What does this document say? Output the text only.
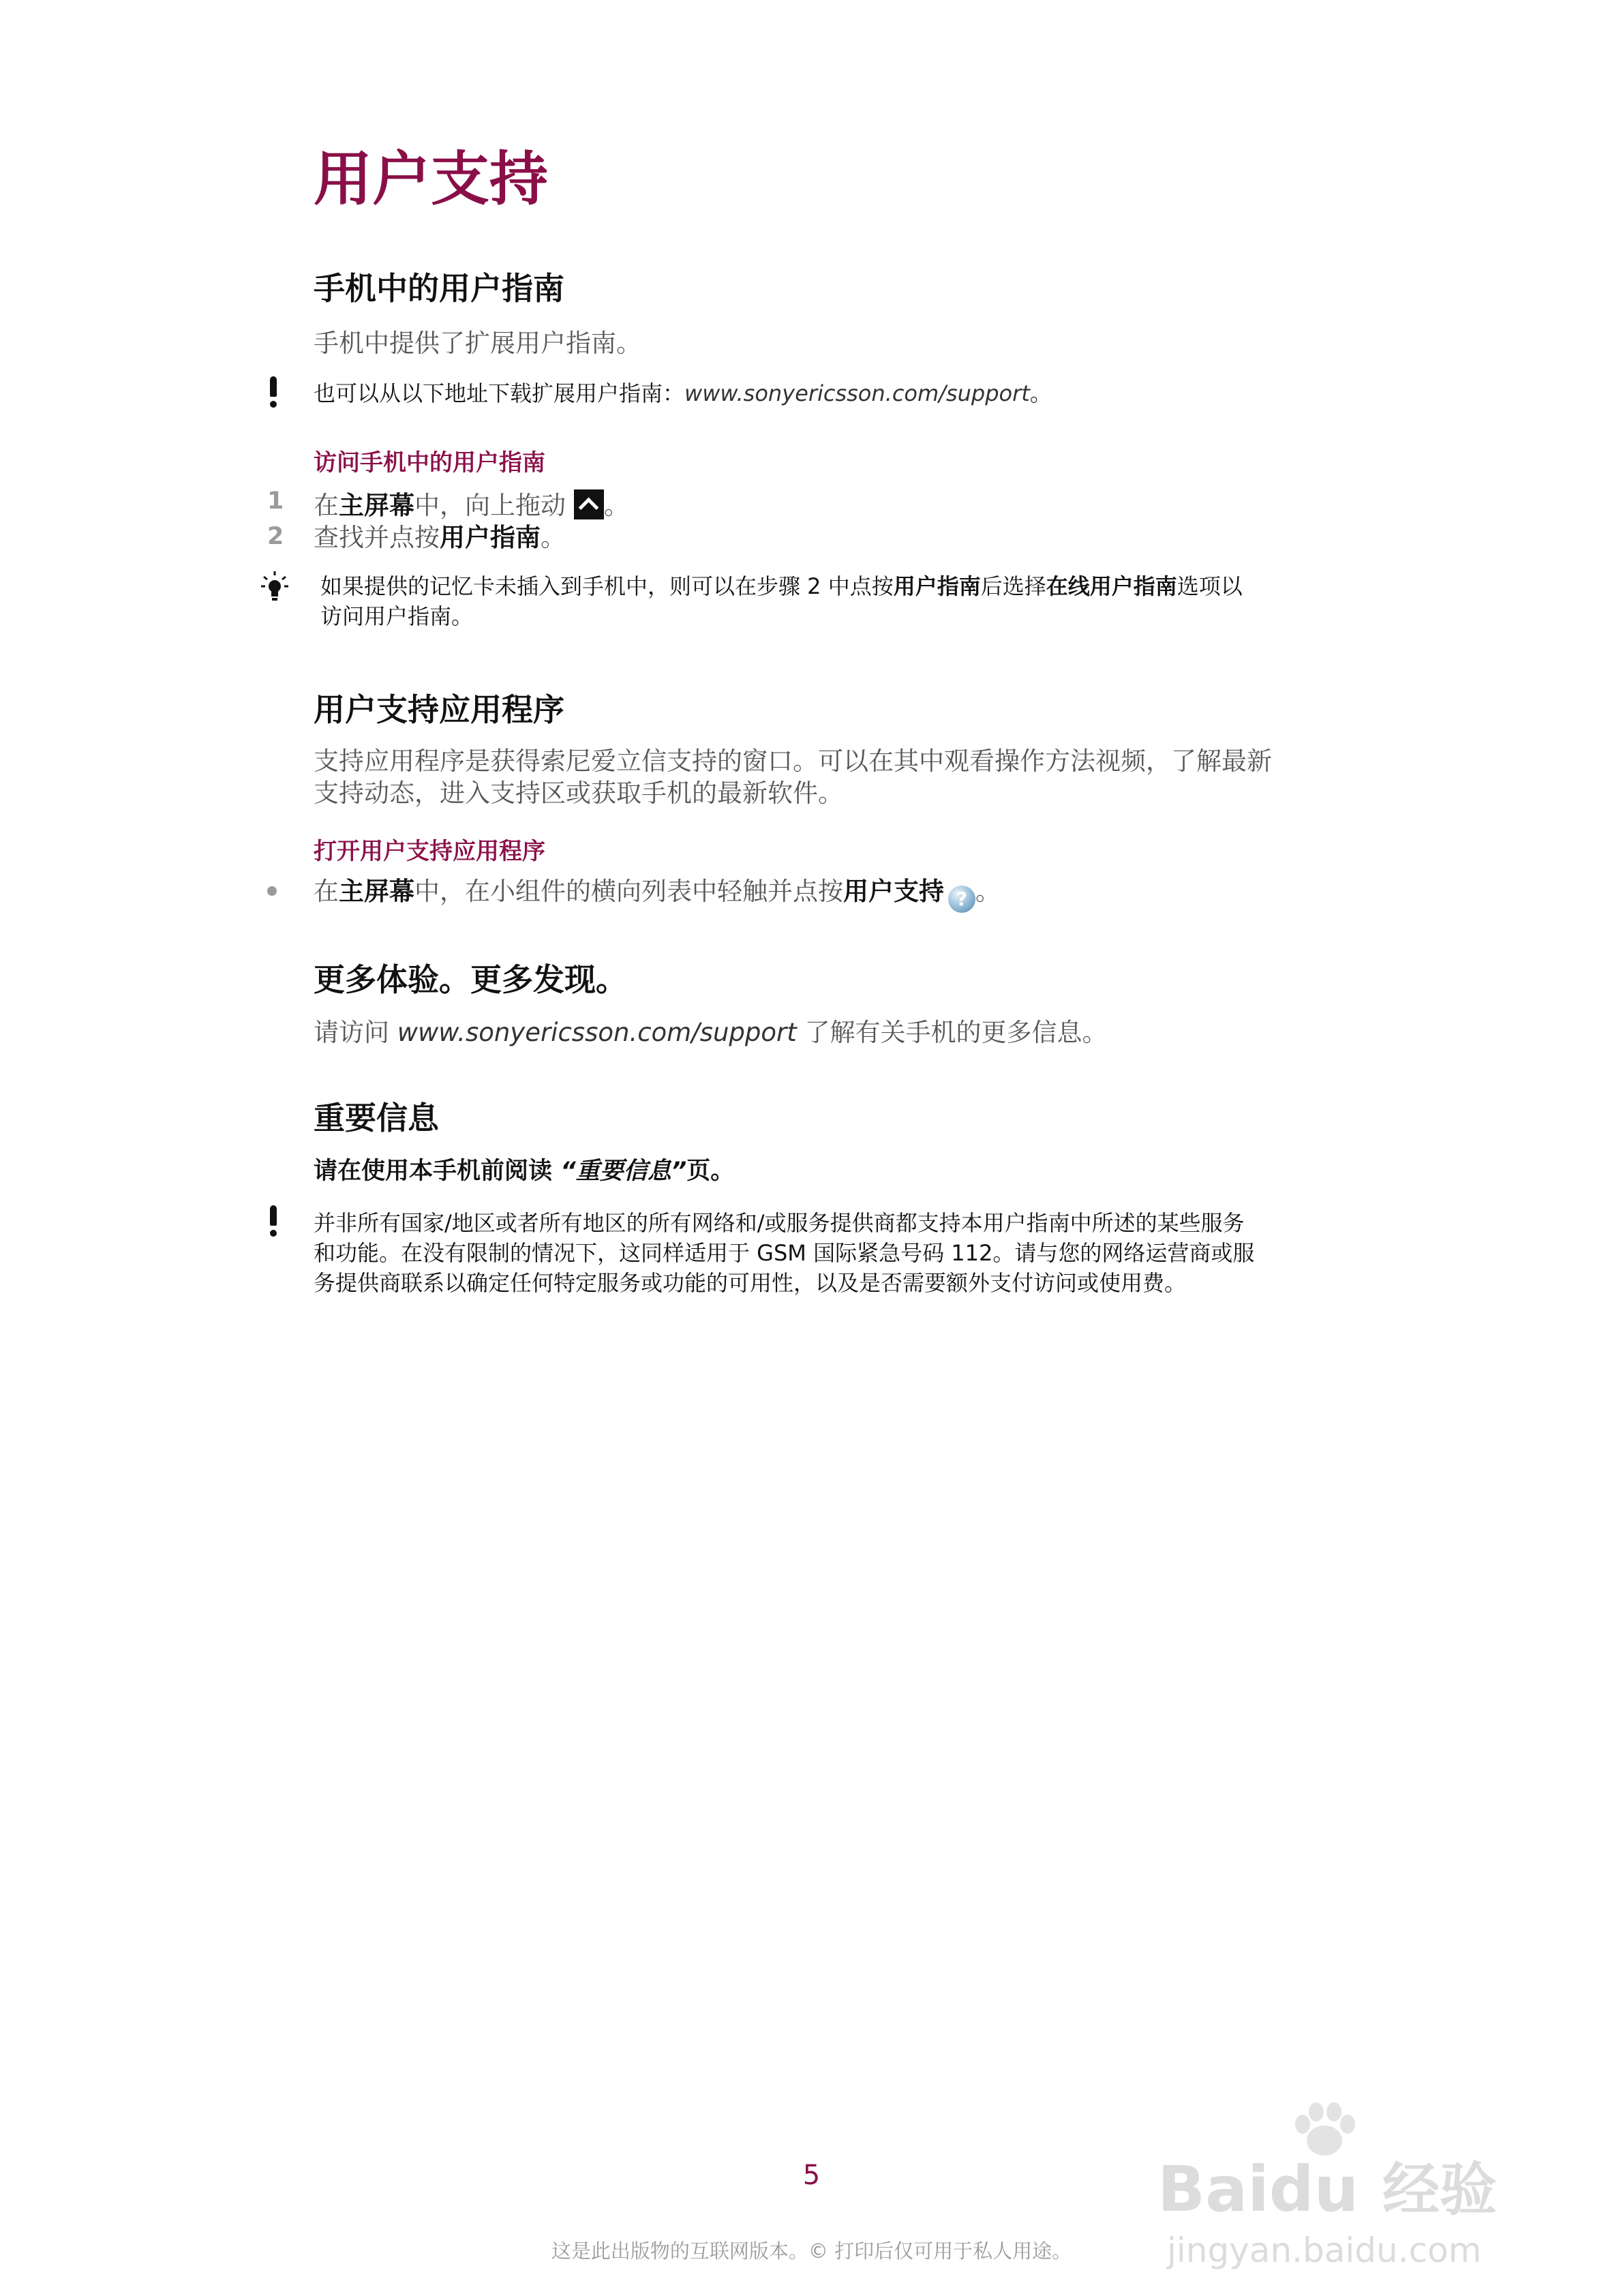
用户支持
手机中的用户指南
手机中提供了扩展用户指南。
也可以从以下地址下载扩展用户指南：www.sonyericsson.com/support。
访问手机中的用户指南
1 在主屏幕中，向上拖动 。
2 查找并点按用户指南。
如果提供的记忆卡未插入到手机中，则可以在步骤 2 中点按用户指南后选择在线用户指南选项以
访问用户指南。
用户支持应用程序
支持应用程序是获得索尼爱立信支持的窗口。可以在其中观看操作方法视频，了解最新
支持动态，进入支持区或获取手机的最新软件。
打开用户支持应用程序
在主屏幕中，在小组件的横向列表中轻触并点按用户支持 ? 。
更多体验。更多发现。
请访问 www.sonyericsson.com/support 了解有关手机的更多信息。
重要信息
请在使用本手机前阅读 “重要信息”页。
并非所有国家/地区或者所有地区的所有网络和/或服务提供商都支持本用户指南中所述的某些服务
和功能。在没有限制的情况下，这同样适用于 GSM 国际紧急号码 112。请与您的网络运营商或服
务提供商联系以确定任何特定服务或功能的可用性，以及是否需要额外支付访问或使用费。
5
这是此出版物的互联网版本。© 打印后仅可用于私人用途。
Baidu 经验
jingyan.baidu.com
